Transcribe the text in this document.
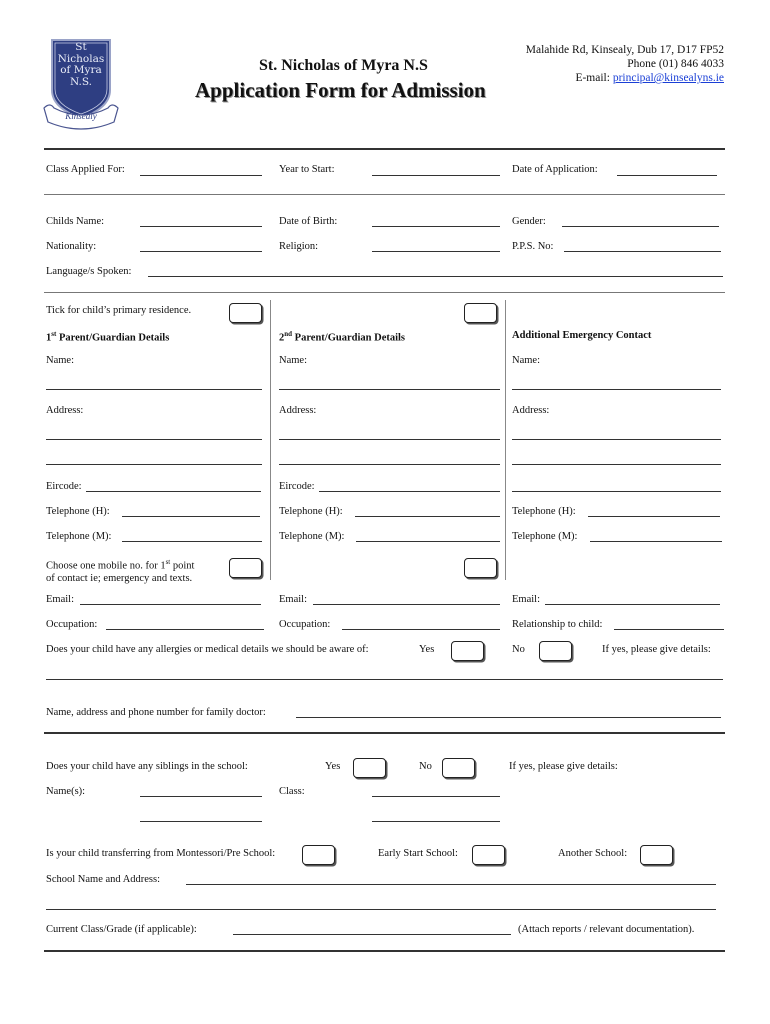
St
Nicholas
of Myra
N.S.
Kinsealy
St. Nicholas of Myra N.S
Application Form for Admission
Malahide Rd, Kinsealy, Dub 17, D17 FP52
Phone (01) 846 4033
E-mail: principal@kinsealyns.ie
Class Applied For:	Year to Start:	Date of Application:
Childs Name:	Date of Birth:	Gender:
Nationality:	Religion:	P.P.S. No:
Language/s Spoken:
Tick for child’s primary residence.
1st Parent/Guardian Details	2nd Parent/Guardian Details	Additional Emergency Contact
Name:	Name:	Name:
Address:	Address:	Address:
Eircode:	Eircode:
Telephone (H):	Telephone (H):	Telephone (H):
Telephone (M):	Telephone (M):	Telephone (M):
Choose one mobile no. for 1st point
of contact ie; emergency and texts.
Email:	Email:	Email:
Occupation:	Occupation:	Relationship to child:
Does your child have any allergies or medical details we should be aware of:	Yes	No	If yes, please give details:
Name, address and phone number for family doctor:
Does your child have any siblings in the school:	Yes	No	If yes, please give details:
Name(s):	Class:
Is your child transferring from Montessori/Pre School:	Early Start School:	Another School:
School Name and Address:
Current Class/Grade (if applicable):	(Attach reports / relevant documentation).
